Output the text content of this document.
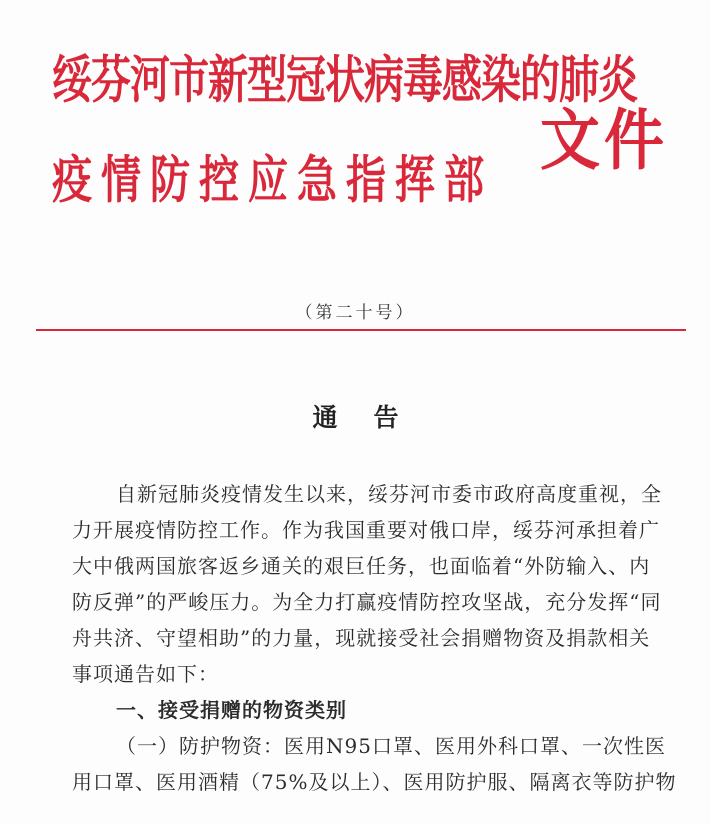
绥芬河市新型冠状病毒感染的肺炎
疫情防控应急指挥部
文件
（第二十号）
通告
自新冠肺炎疫情发生以来，绥芬河市委市政府高度重视，全
力开展疫情防控工作。作为我国重要对俄口岸，绥芬河承担着广
大中俄两国旅客返乡通关的艰巨任务，也面临着“外防输入、内
防反弹”的严峻压力。为全力打赢疫情防控攻坚战，充分发挥“同
舟共济、守望相助”的力量，现就接受社会捐赠物资及捐款相关
事项通告如下：
一、接受捐赠的物资类别
（一）防护物资：医用N95口罩、医用外科口罩、一次性医
用口罩、医用酒精（75%及以上）、医用防护服、隔离衣等防护物
